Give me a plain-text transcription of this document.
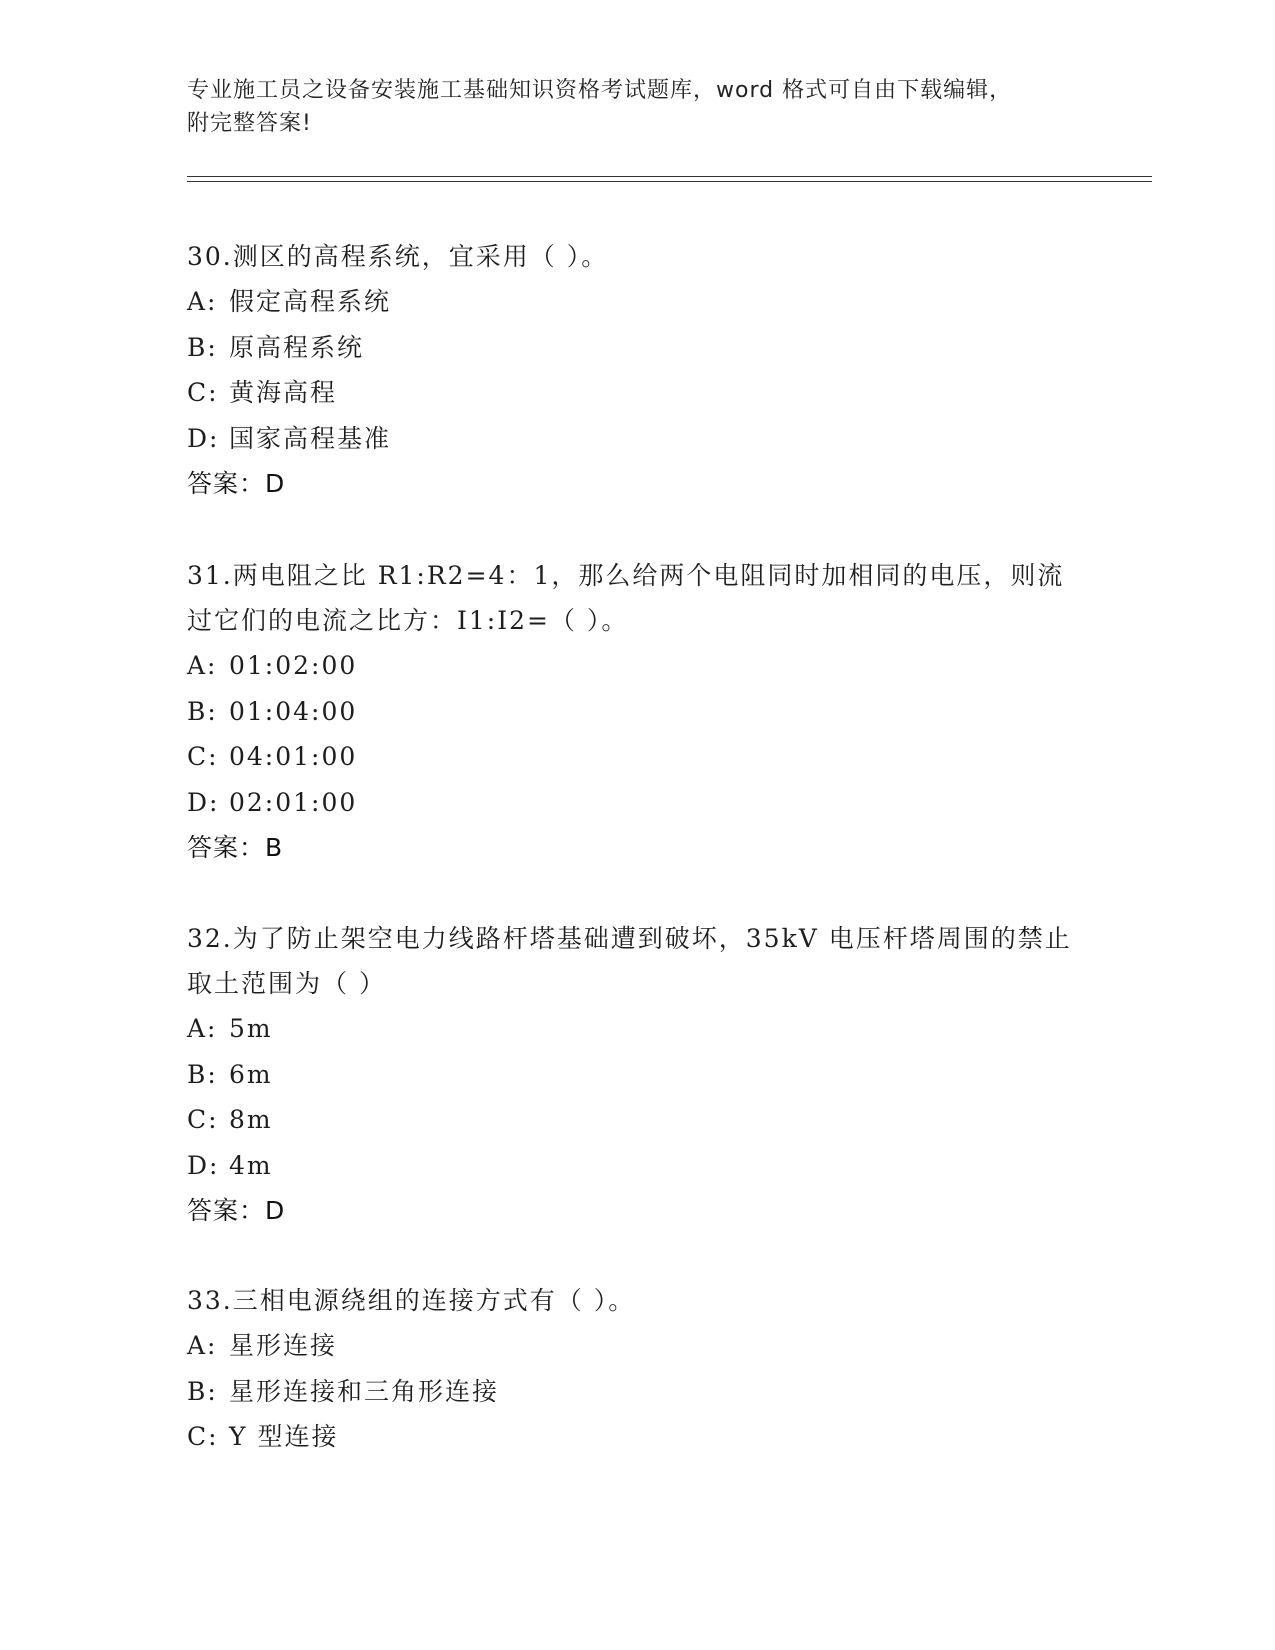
专业施工员之设备安装施工基础知识资格考试题库，word 格式可自由下载编辑，
附完整答案!

30.测区的高程系统，宜采用（ ）。

A: 假定高程系统

B: 原高程系统

C: 黄海高程

D: 国家高程基准

答案：D

31.两电阻之比 R1:R2=4：1，那么给两个电阻同时加相同的电压，则流过它们的电流之比方：I1:I2=（ ）。

A: 01:02:00

B: 01:04:00

C: 04:01:00

D: 02:01:00

答案：B

32.为了防止架空电力线路杆塔基础遭到破坏，35kV 电压杆塔周围的禁止取土范围为（ ）

A: 5m

B: 6m

C: 8m

D: 4m

答案：D

33.三相电源绕组的连接方式有（ ）。

A: 星形连接

B: 星形连接和三角形连接

C: Y 型连接
